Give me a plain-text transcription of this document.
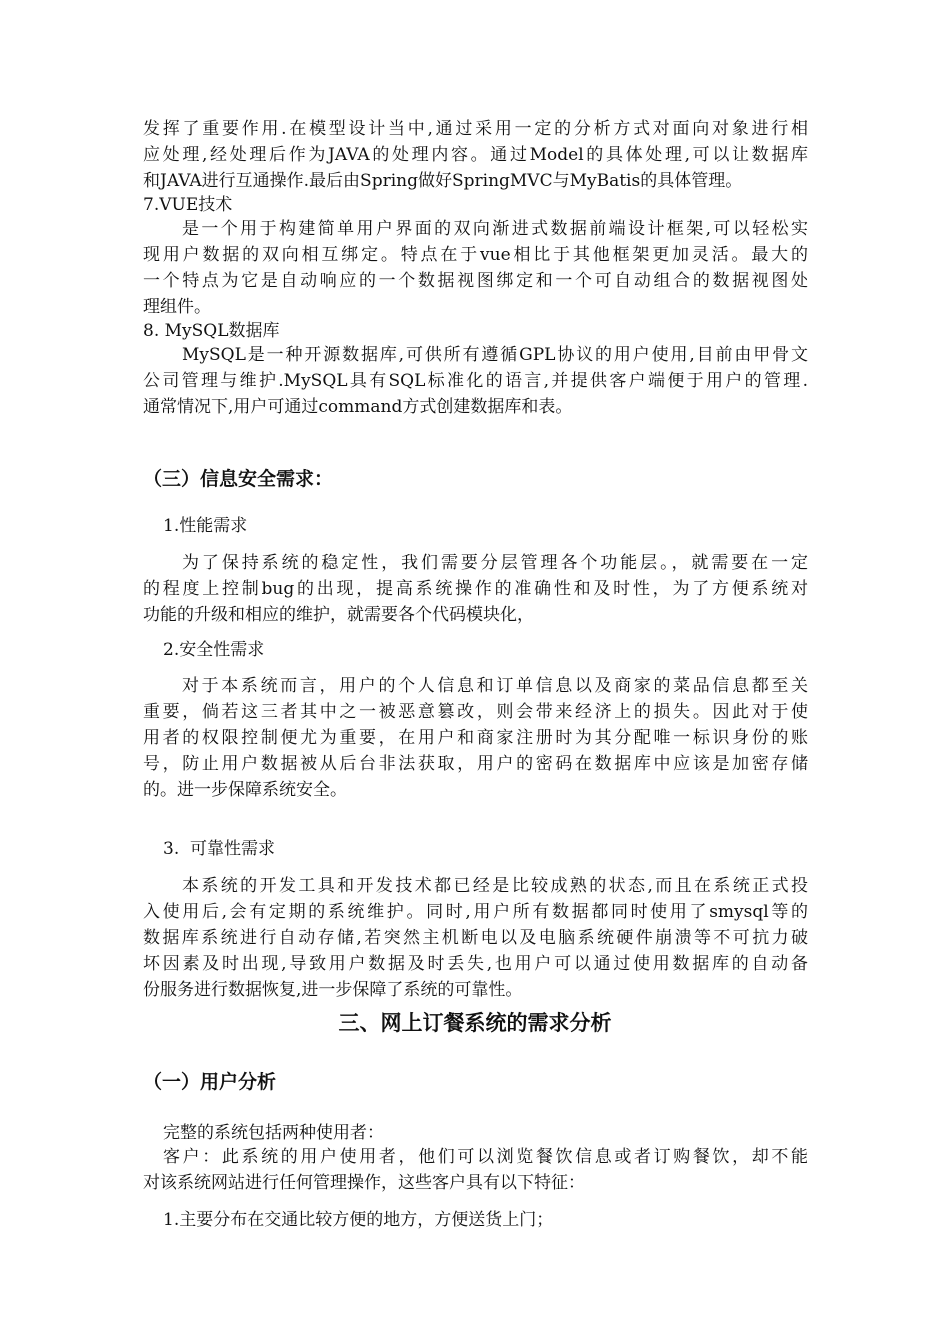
发挥了重要作用.在模型设计当中,通过采用一定的分析方式对面向对象进行相
应处理,经处理后作为JAVA的处理内容。通过Model的具体处理,可以让数据库
和JAVA进行互通操作.最后由Spring做好SpringMVC与MyBatis的具体管理。
7.VUE技术
是一个用于构建简单用户界面的双向渐进式数据前端设计框架,可以轻松实
现用户数据的双向相互绑定。特点在于vue相比于其他框架更加灵活。最大的
一个特点为它是自动响应的一个数据视图绑定和一个可自动组合的数据视图处
理组件。
8. MySQL数据库
MySQL是一种开源数据库,可供所有遵循GPL协议的用户使用,目前由甲骨文
公司管理与维护.MySQL具有SQL标准化的语言,并提供客户端便于用户的管理.
通常情况下,用户可通过command方式创建数据库和表。
（三）信息安全需求：
1.性能需求
为了保持系统的稳定性，我们需要分层管理各个功能层。，就需要在一定
的程度上控制bug的出现，提高系统操作的准确性和及时性，为了方便系统对
功能的升级和相应的维护，就需要各个代码模块化，
2.安全性需求
对于本系统而言，用户的个人信息和订单信息以及商家的菜品信息都至关
重要，倘若这三者其中之一被恶意篡改，则会带来经济上的损失。因此对于使
用者的权限控制便尤为重要，在用户和商家注册时为其分配唯一标识身份的账
号，防止用户数据被从后台非法获取，用户的密码在数据库中应该是加密存储
的。进一步保障系统安全。
3.  可靠性需求
本系统的开发工具和开发技术都已经是比较成熟的状态,而且在系统正式投
入使用后,会有定期的系统维护。同时,用户所有数据都同时使用了smysql等的
数据库系统进行自动存储,若突然主机断电以及电脑系统硬件崩溃等不可抗力破
坏因素及时出现,导致用户数据及时丢失,也用户可以通过使用数据库的自动备
份服务进行数据恢复,进一步保障了系统的可靠性。
三、网上订餐系统的需求分析
（一）用户分析
完整的系统包括两种使用者：
客户：此系统的用户使用者，他们可以浏览餐饮信息或者订购餐饮，却不能
对该系统网站进行任何管理操作，这些客户具有以下特征：
1.主要分布在交通比较方便的地方，方便送货上门；
